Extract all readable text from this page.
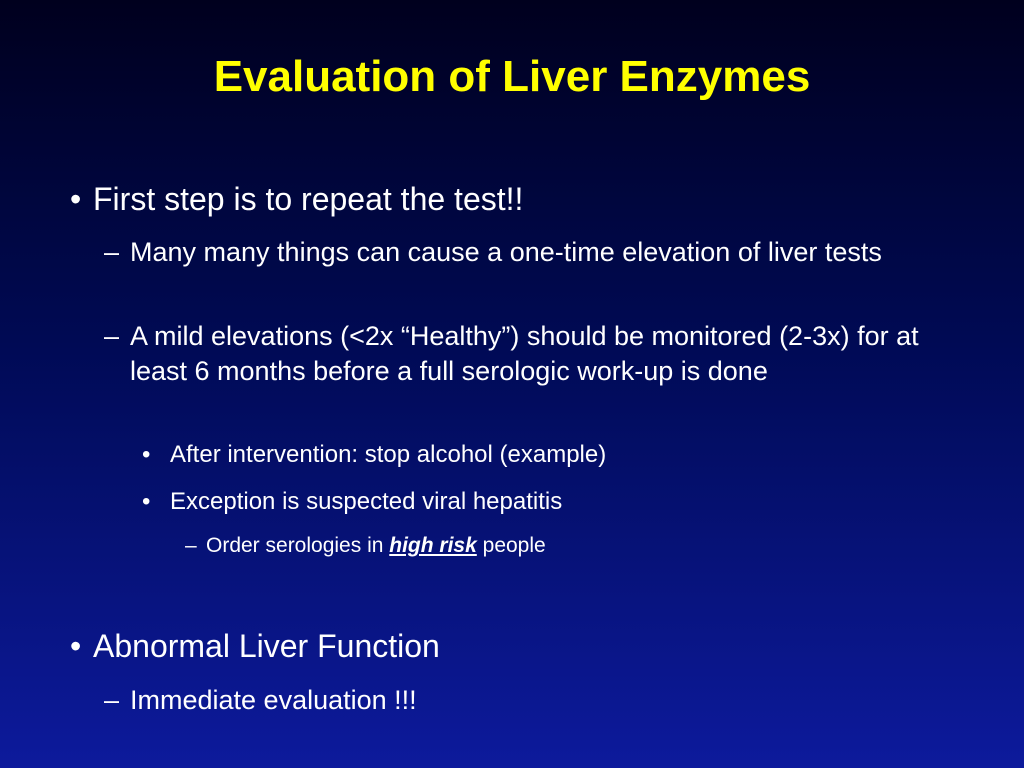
Evaluation of Liver Enzymes
• First step is to repeat the test!!
– Many many things can cause a one-time elevation of liver tests
– A mild elevations (<2x “Healthy”) should be monitored (2-3x) for at least 6 months before a full serologic work-up is done
• After intervention: stop alcohol (example)
• Exception is suspected viral hepatitis
– Order serologies in high risk people
• Abnormal Liver Function
– Immediate evaluation !!!
